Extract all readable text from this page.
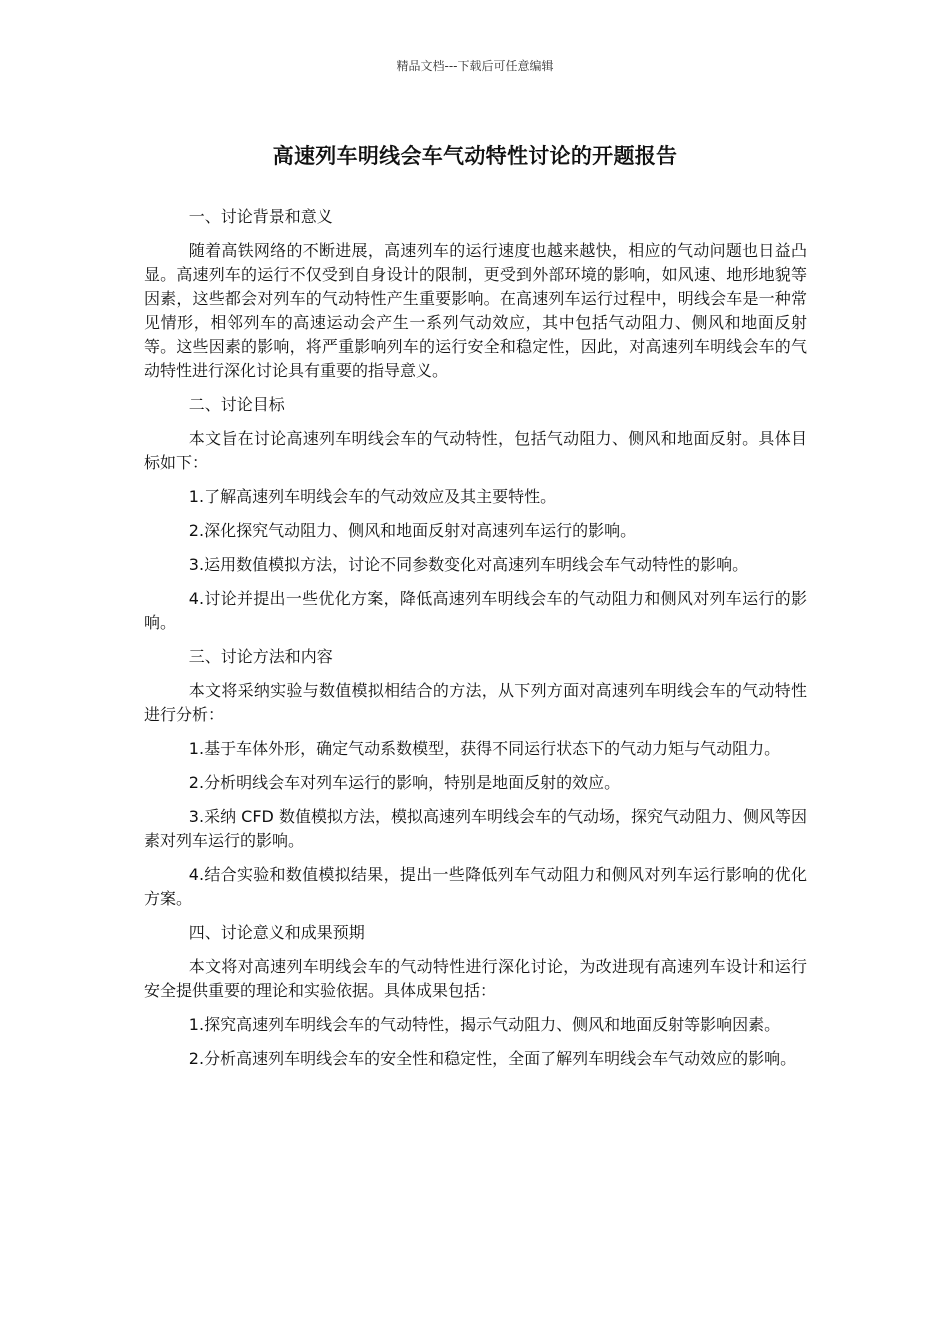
精品文档---下载后可任意编辑
高速列车明线会车气动特性讨论的开题报告
一、讨论背景和意义

随着高铁网络的不断进展，高速列车的运行速度也越来越快，相应的气动问题也日益凸显。高速列车的运行不仅受到自身设计的限制，更受到外部环境的影响，如风速、地形地貌等因素，这些都会对列车的气动特性产生重要影响。在高速列车运行过程中，明线会车是一种常见情形，相邻列车的高速运动会产生一系列气动效应，其中包括气动阻力、侧风和地面反射等。这些因素的影响，将严重影响列车的运行安全和稳定性，因此，对高速列车明线会车的气动特性进行深化讨论具有重要的指导意义。

二、讨论目标

本文旨在讨论高速列车明线会车的气动特性，包括气动阻力、侧风和地面反射。具体目标如下：

1.了解高速列车明线会车的气动效应及其主要特性。

2.深化探究气动阻力、侧风和地面反射对高速列车运行的影响。

3.运用数值模拟方法，讨论不同参数变化对高速列车明线会车气动特性的影响。

4.讨论并提出一些优化方案，降低高速列车明线会车的气动阻力和侧风对列车运行的影响。

三、讨论方法和内容

本文将采纳实验与数值模拟相结合的方法，从下列方面对高速列车明线会车的气动特性进行分析：

1.基于车体外形，确定气动系数模型，获得不同运行状态下的气动力矩与气动阻力。

2.分析明线会车对列车运行的影响，特别是地面反射的效应。

3.采纳 CFD 数值模拟方法，模拟高速列车明线会车的气动场，探究气动阻力、侧风等因素对列车运行的影响。

4.结合实验和数值模拟结果，提出一些降低列车气动阻力和侧风对列车运行影响的优化方案。

四、讨论意义和成果预期

本文将对高速列车明线会车的气动特性进行深化讨论，为改进现有高速列车设计和运行安全提供重要的理论和实验依据。具体成果包括：

1.探究高速列车明线会车的气动特性，揭示气动阻力、侧风和地面反射等影响因素。

2.分析高速列车明线会车的安全性和稳定性，全面了解列车明线会车气动效应的影响。
